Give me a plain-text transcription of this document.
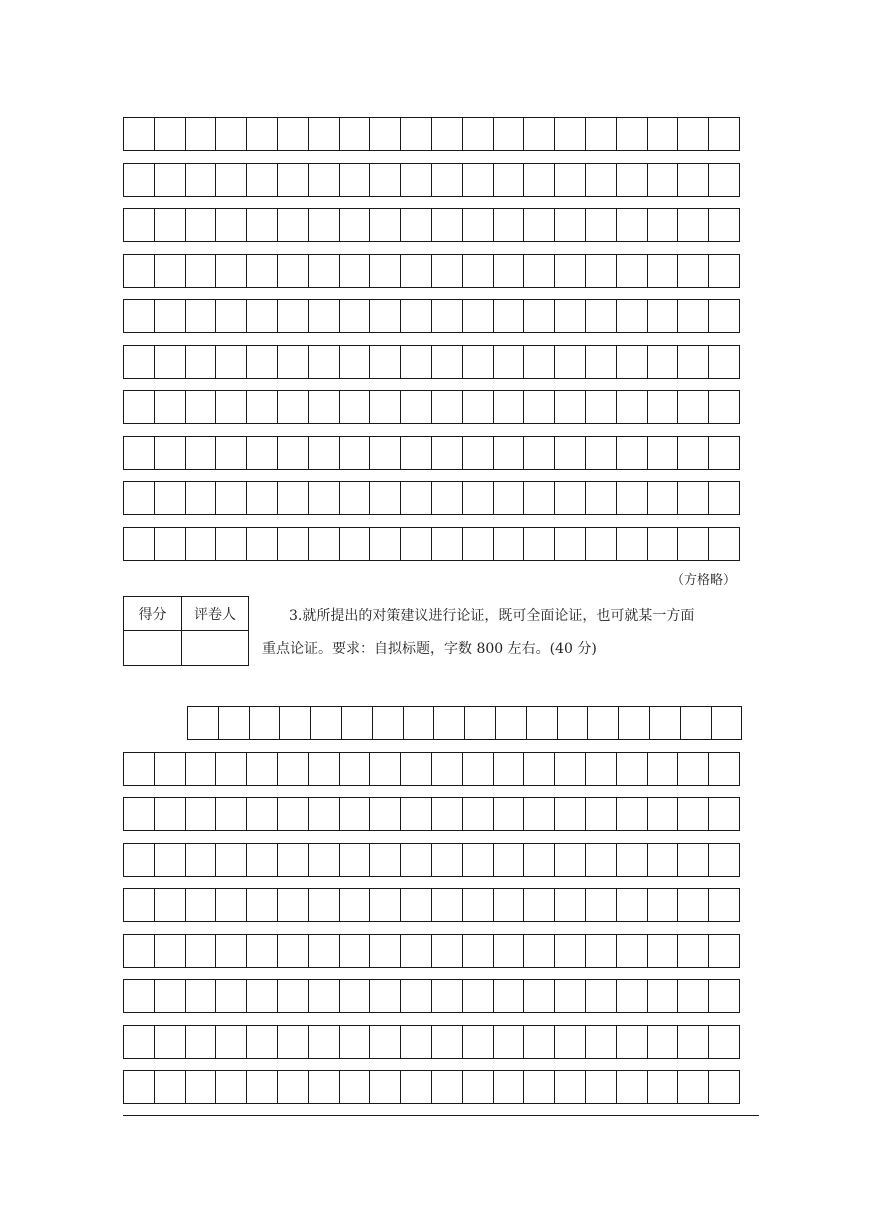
（方格略）
得分	评卷人
		3.就所提出的对策建议进行论证，既可全面论证，也可就某一方面
重点论证。要求：自拟标题，字数 800 左右。(40 分)
